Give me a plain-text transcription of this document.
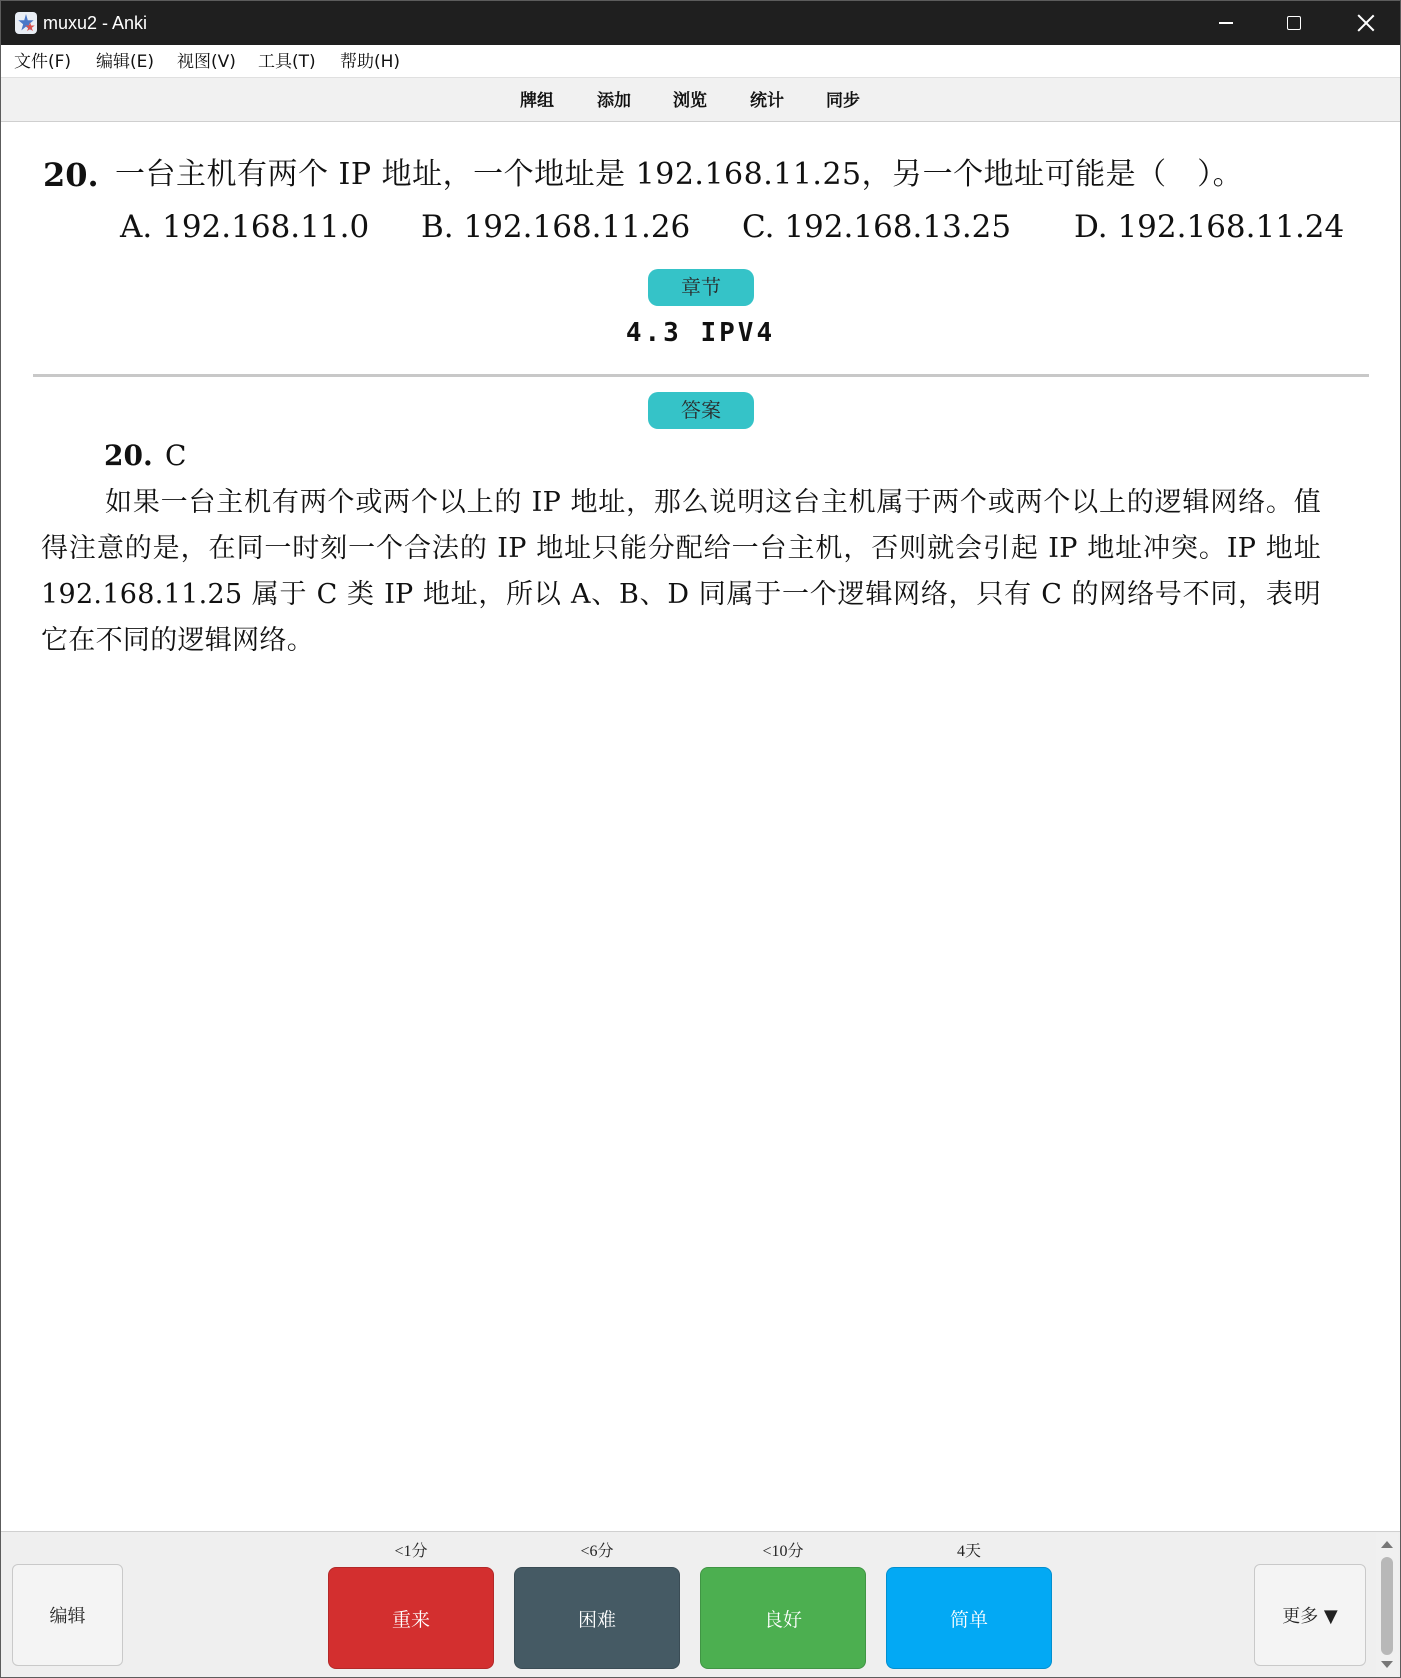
muxu2 - Anki
文件(F) 编辑(E) 视图(V) 工具(T) 帮助(H)
牌组	添加 浏览	统计 同步
20. 一台主机有两个 IP 地址，一个地址是 192.168.11.25，另一个地址可能是（　）。
A. 192.168.11.0 B. 192.168.11.26 C. 192.168.13.25 D. 192.168.11.24
章节
4.3 IPV4
答案
20. C
如果一台主机有两个或两个以上的 IP 地址，那么说明这台主机属于两个或两个以上的逻辑网络。值得注意的是，在同一时刻一个合法的 IP 地址只能分配给一台主机，否则就会引起 IP 地址冲突。IP 地址 192.168.11.25 属于 C 类 IP 地址，所以 A、B、D 同属于一个逻辑网络，只有 C 的网络号不同，表明它在不同的逻辑网络。
编辑
<1分
重来
<6分
困难
<10分
良好
4天
简单	更多 ▼
